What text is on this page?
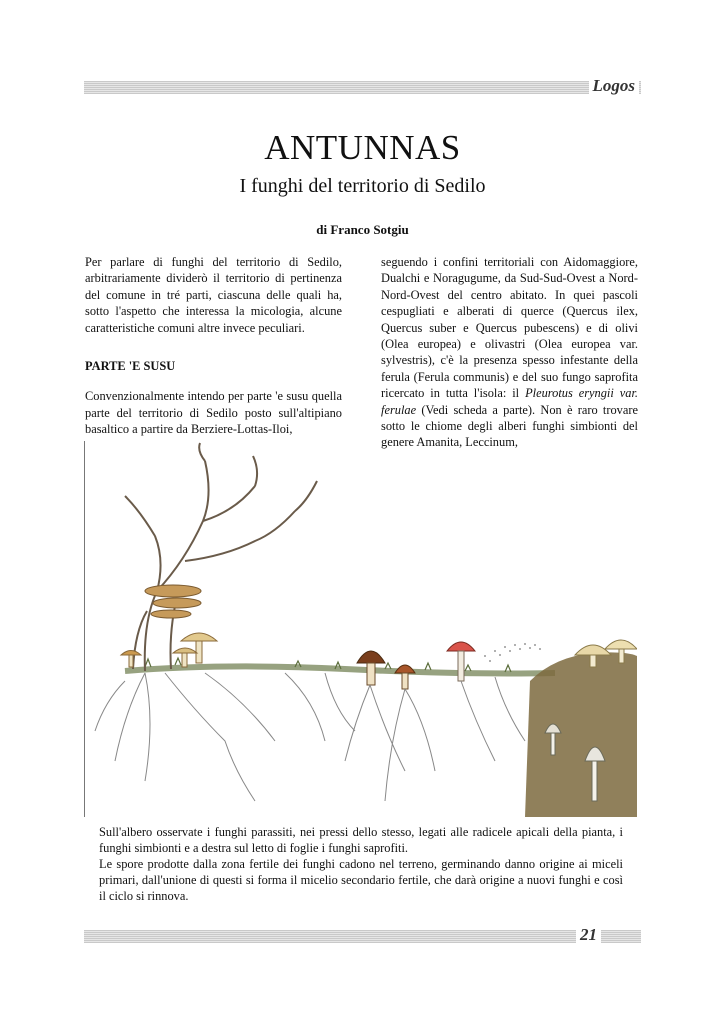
Logos
ANTUNNAS
I funghi del territorio di Sedilo
di Franco Sotgiu

Per parlare di funghi del territorio di Sedilo, arbitrariamente dividerò il territorio di pertinenza del comune in tré parti, ciascuna delle quali ha, sotto l'aspetto che interessa la micologia, alcune caratteristiche comuni altre invece peculiari.

PARTE 'E SUSU

Convenzionalmente intendo per parte 'e susu quella parte del territorio di Sedilo posto sull'altipiano basaltico a partire da Berziere-Lottas-Iloi,

seguendo i confini territoriali con Aidomaggiore, Dualchi e Noragugume, da Sud-Sud-Ovest a Nord-Nord-Ovest del centro abitato. In quei pascoli cespugliati e alberati di querce (Quercus ilex, Quercus suber e Quercus pubescens) e di olivi (Olea europea) e olivastri (Olea europea var. sylvestris), c'è la presenza spesso infestante della ferula (Ferula communis) e del suo fungo saprofita ricercato in tutta l'isola: il Pleurotus eryngii var. ferulae (Vedi scheda a parte). Non è raro trovare sotto le chiome degli alberi funghi simbionti del genere Amanita, Leccinum,

Sull'albero osservate i funghi parassiti, nei pressi dello stesso, legati alle radicele apicali della pianta, i funghi simbionti e a destra sul letto di foglie i funghi saprofiti.

Le spore prodotte dalla zona fertile dei funghi cadono nel terreno, germinando danno origine ai miceli primari, dall'unione di questi si forma il micelio secondario fertile, che darà origine a nuovi funghi e così il ciclo si rinnova.

21
